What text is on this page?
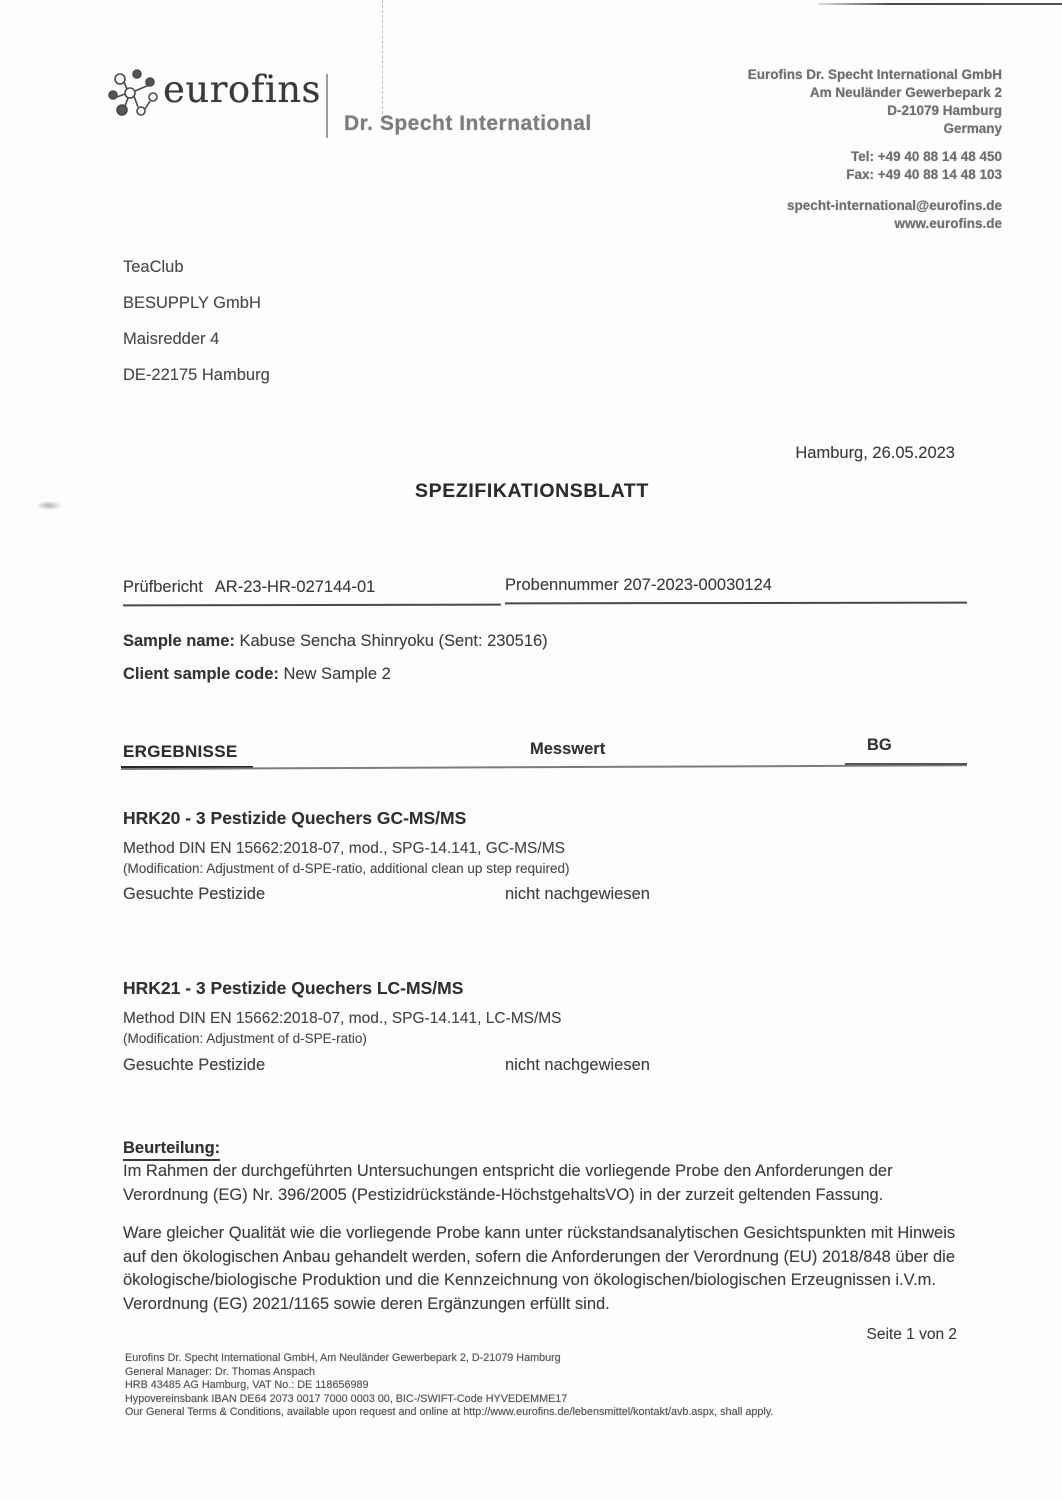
eurofins
Dr. Specht International
Eurofins Dr. Specht International GmbH
Am Neuländer Gewerbepark 2
D-21079 Hamburg
Germany
Tel: +49 40 88 14 48 450
Fax: +49 40 88 14 48 103
specht-international@eurofins.de
www.eurofins.de
TeaClub
BESUPPLY GmbH
Maisredder 4
DE-22175 Hamburg
Hamburg, 26.05.2023
SPEZIFIKATIONSBLATT
Prüfbericht AR-23-HR-027144-01	Probennummer 207-2023-00030124
Sample name: Kabuse Sencha Shinryoku (Sent: 230516)
Client sample code: New Sample 2
ERGEBNISSE	Messwert	BG
HRK20 - 3 Pestizide Quechers GC-MS/MS
Method DIN EN 15662:2018-07, mod., SPG-14.141, GC-MS/MS
(Modification: Adjustment of d-SPE-ratio, additional clean up step required)
Gesuchte Pestizide	nicht nachgewiesen
HRK21 - 3 Pestizide Quechers LC-MS/MS
Method DIN EN 15662:2018-07, mod., SPG-14.141, LC-MS/MS
(Modification: Adjustment of d-SPE-ratio)
Gesuchte Pestizide	nicht nachgewiesen
Beurteilung:
Im Rahmen der durchgeführten Untersuchungen entspricht die vorliegende Probe den Anforderungen der Verordnung (EG) Nr. 396/2005 (Pestizidrückstände-HöchstgehaltsVO) in der zurzeit geltenden Fassung.
Ware gleicher Qualität wie die vorliegende Probe kann unter rückstandsanalytischen Gesichtspunkten mit Hinweis auf den ökologischen Anbau gehandelt werden, sofern die Anforderungen der Verordnung (EU) 2018/848 über die ökologische/biologische Produktion und die Kennzeichnung von ökologischen/biologischen Erzeugnissen i.V.m. Verordnung (EG) 2021/1165 sowie deren Ergänzungen erfüllt sind.
Seite 1 von 2
Eurofins Dr. Specht International GmbH, Am Neuländer Gewerbepark 2, D-21079 Hamburg
General Manager: Dr. Thomas Anspach
HRB 43485 AG Hamburg, VAT No.: DE 118656989
Hypovereinsbank IBAN DE64 2073 0017 7000 0003 00, BIC-/SWIFT-Code HYVEDEMME17
Our General Terms & Conditions, available upon request and online at http://www.eurofins.de/lebensmittel/kontakt/avb.aspx, shall apply.
